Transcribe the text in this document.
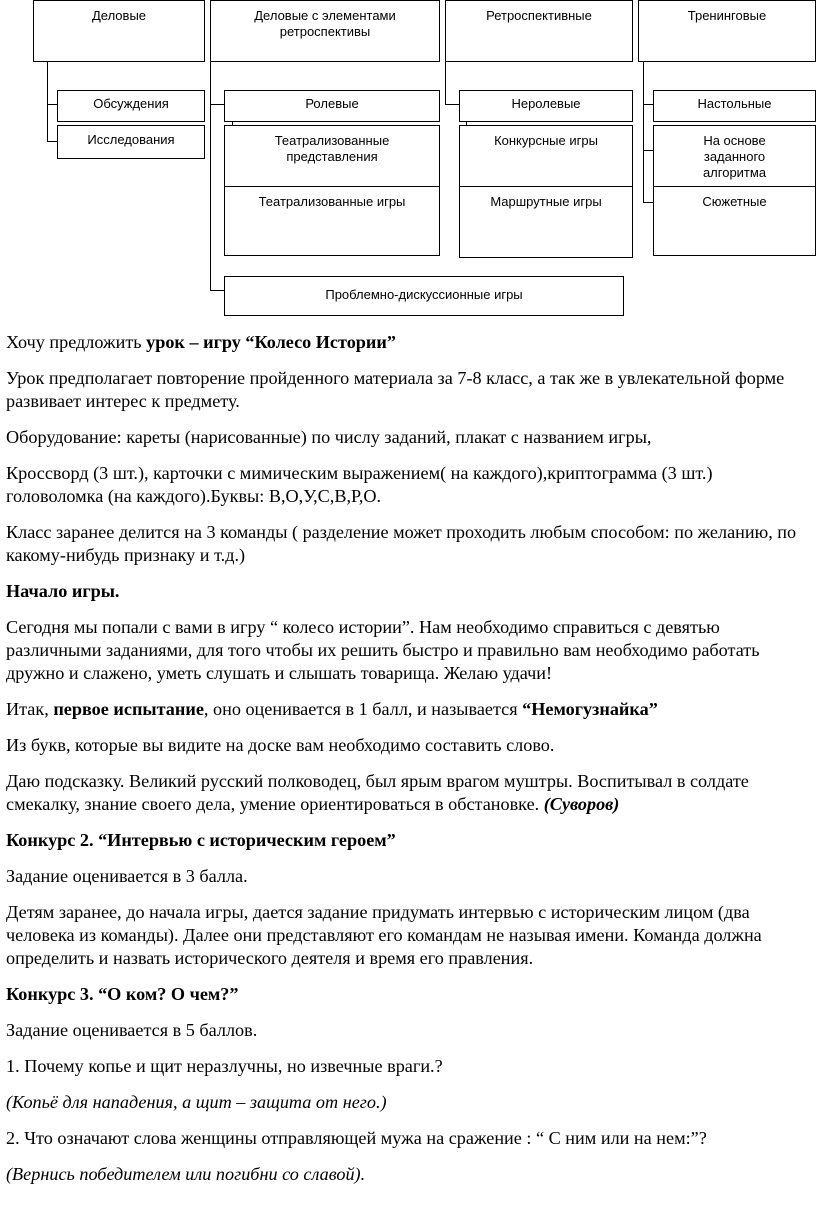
Деловые	Деловые с элементами ретроспективы
Ретроспективные	Тренинговые
Обсуждения	Ролевые	Неролевые	Настольные
Исследования	Театрализованные представления
Конкурсные игры	На основе заданного алгоритма
Театрализованные игры	Маршрутные игры	Сюжетные
Проблемно-дискуссионные игры

Хочу предложить урок – игру “Колесо Истории”

Урок предполагает повторение пройденного материала за 7-8 класс, а так же в увлекательной форме развивает интерес к предмету.

Оборудование: кареты (нарисованные) по числу заданий, плакат с названием игры,

Кроссворд (3 шт.), карточки с мимическим выражением( на каждого),криптограмма (3 шт.) головоломка (на каждого).Буквы: В,О,У,С,В,Р,О.

Класс заранее делится на 3 команды ( разделение может проходить любым способом: по желанию, по какому-нибудь признаку и т.д.)

Начало игры.

Сегодня мы попали с вами в игру “ колесо истории”. Нам необходимо справиться с девятью различными заданиями, для того чтобы их решить быстро и правильно вам необходимо работать дружно и слажено, уметь слушать и слышать товарища. Желаю удачи!

Итак, первое испытание, оно оценивается в 1 балл, и называется “Немогузнайка”

Из букв, которые вы видите на доске вам необходимо составить слово.

Даю подсказку. Великий русский полководец, был ярым врагом муштры. Воспитывал в солдате смекалку, знание своего дела, умение ориентироваться в обстановке. (Суворов)

Конкурс 2. “Интервью с историческим героем”

Задание оценивается в 3 балла.

Детям заранее, до начала игры, дается задание придумать интервью с историческим лицом (два человека из команды). Далее они представляют его командам не называя имени. Команда должна определить и назвать исторического деятеля и время его правления.

Конкурс 3. “О ком? О чем?”

Задание оценивается в 5 баллов.

1. Почему копье и щит неразлучны, но извечные враги.?

(Копьё для нападения, а щит – защита от него.)

2. Что означают слова женщины отправляющей мужа на сражение : “ С ним или на нем:”?

(Вернись победителем или погибни со славой).
